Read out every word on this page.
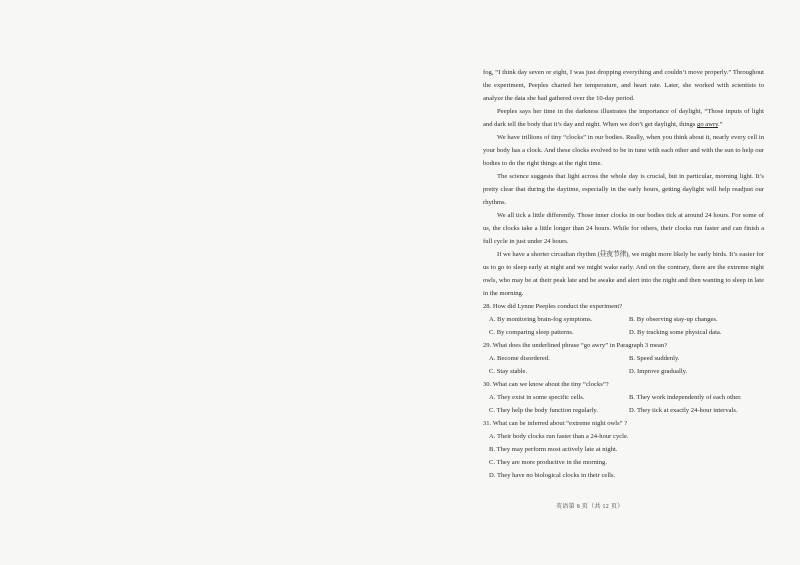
fog, “I think day seven or eight, I was just dropping everything and couldn’t move properly.” Throughout the experiment, Peeples charted her temperature, and heart rate. Later, she worked with scientists to analyze the data she had gathered over the 10-day period.

Peeples says her time in the darkness illustrates the importance of daylight, “Those inputs of light and dark tell the body that it’s day and night. When we don’t get daylight, things go awry.”

We have trillions of tiny “clocks” in our bodies. Really, when you think about it, nearly every cell in your body has a clock. And these clocks evolved to be in tune with each other and with the sun to help our bodies to do the right things at the right time.

The science suggests that light across the whole day is crucial, but in particular, morning light. It’s pretty clear that during the daytime, especially in the early hours, getting daylight will help readjust our rhythms.

We all tick a little differently. Those inner clocks in our bodies tick at around 24 hours. For some of us, the clocks take a little longer than 24 hours. While for others, their clocks run faster and can finish a full cycle in just under 24 hours.

If we have a shorter circadian rhythm (昼夜节律), we might more likely be early birds. It’s easier for us to go to sleep early at night and we might wake early. And on the contrary, there are the extreme night owls, who may be at their peak late and be awake and alert into the night and then wanting to sleep in late in the morning.

28. How did Lynne Peeples conduct the experiment?

A. By monitoring brain-fog symptoms.	B. By observing stay-up changes.
C. By comparing sleep patterns.	D. By tracking some physical data.

29. What does the underlined phrase “go awry” in Paragraph 3 mean?

A. Become disordered.	B. Speed suddenly.
C. Stay stable.	D. Improve gradually.

30. What can we know about the tiny “clocks”?

A. They exist in some specific cells.	B. They work independently of each other.
C. They help the body function regularly.	D. They tick at exactly 24-hour intervals.

31. What can be inferred about “extreme night owls” ?

A. Their body clocks run faster than a 24-hour cycle.
B. They may perform most actively late at night.
C. They are more productive in the morning.
D. They have no biological clocks in their cells.
英语第 8 页（共 12 页）
